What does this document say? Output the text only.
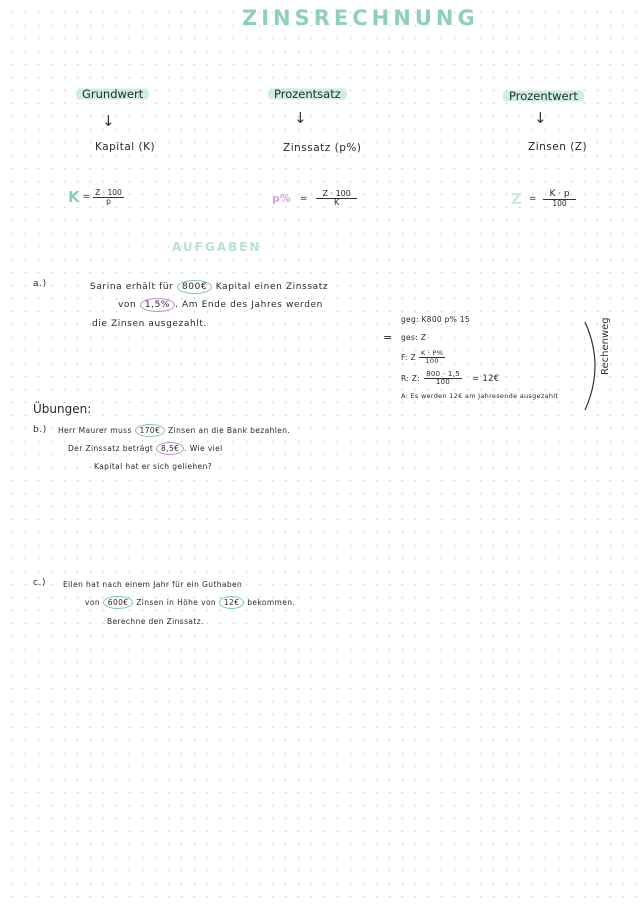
ZINSRECHNUNG
Grundwert	Prozentsatz	Prozentwert
↓	↓	↓
Kapital (K)	Zinssatz (p%)	Zinsen (Z)
$K = \frac{Z \cdot 100}{p}$	$p\% = \frac{Z \cdot 100}{K}$	$Z = \frac{K \cdot p}{100}$
AUFGABEN
a.)	Sarina erhält für 800€ Kapital einen Zinssatz
von 1,5% . Am Ende des Jahres werden
die Zinsen ausgezahlt.
=
geg: K800 p% 15
ges: Z
F: Z $\frac{K \cdot P\%}{100}$
R: Z: $\frac{800 \cdot 1,5}{100}$ = 12€
A: Es werden 12€ am Jahresende ausgezahlt
Rechenweg
Übungen:
b.) Herr Maurer muss 170€ Zinsen an die Bank bezahlen.
Der Zinssatz beträgt 8,5€ . Wie viel
Kapital hat er sich geliehen?
c.) Eilen hat nach einem Jahr für ein Guthaben
von 600€ Zinsen in Höhe von 12€ bekommen.
Berechne den Zinssatz.
